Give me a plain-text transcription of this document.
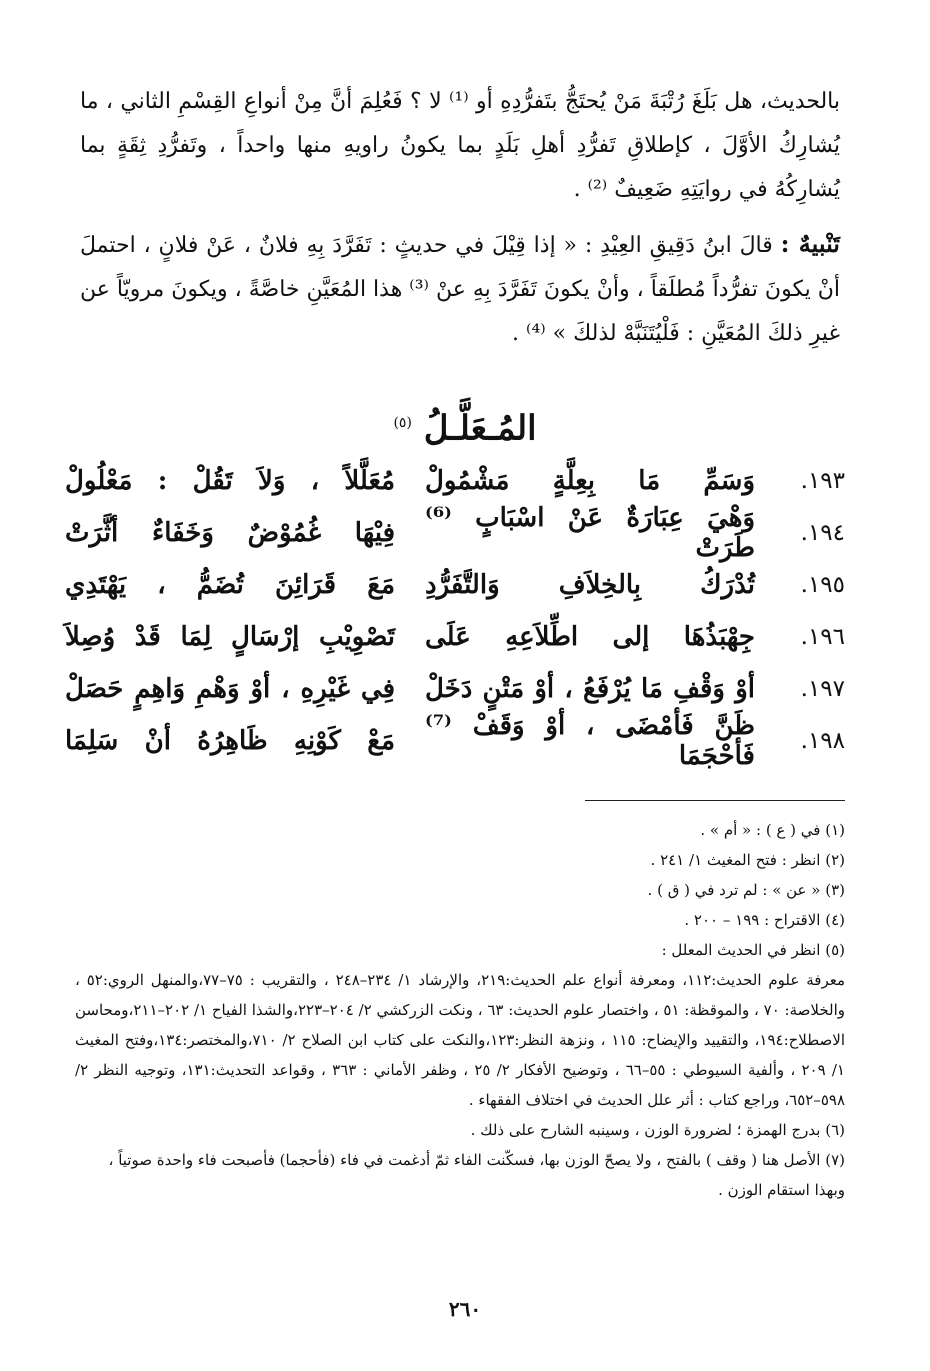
بالحديث، هل بَلَغَ رُتْبَةَ مَنْ يُحتَجُّ بتَفرُّدِهِ أو ⁽¹⁾ لا ؟ فَعُلِمَ أنَّ مِنْ أنواعِ القِسْمِ الثاني ، ما يُشارِكُ الأوَّلَ ، كإطلاقِ تَفرُّدِ أهلِ بَلَدٍ بما يكونُ راويهِ منها واحداً ، وتَفرُّدِ ثِقَةٍ بما يُشارِكُهُ في روايَتِهِ ضَعِيفٌ ⁽²⁾ .

تَنْبيهٌ : قالَ ابنُ دَقِيقِ العِيْدِ : « إذا قِيْلَ في حديثٍ : تَفَرَّدَ بِهِ فلانٌ ، عَنْ فلانٍ ، احتملَ أنْ يكونَ تفرُّداً مُطلَقاً ، وأنْ يكونَ تَفَرَّدَ بِهِ عنْ ⁽³⁾ هذا المُعَيَّنِ خاصَّةً ، ويكونَ مرويّاً عن غيرِ ذلكَ المُعَيَّنِ : فَلْيُتَنَبَّهْ لذلكَ » ⁽⁴⁾ .

المُـعَلَّـلُ $^{(٥)}$
١٩٣.
وَسَمِّ مَا بِعِلَّةٍ مَشْمُولْ
مُعَلَّلاً ، وَلاَ تَقُلْ : مَعْلُولْ
١٩٤.
وَهْيَ عِبَارَةٌ عَنْ اسْبَابٍ ⁽⁶⁾ طَرَتْ
فِيْهَا غُمُوْضٌ وَخَفَاءٌ أثَّرَتْ
١٩٥.
تُدْرَكُ بِالخِلاَفِ وَالتَّفَرُّدِ
مَعَ قَرَائِنَ تُضَمُّ ، يَهْتَدِي
١٩٦.
جِهْبَذُهَا إلى اطِّلاَعِهِ عَلَى
تَصْوِيْبِ إرْسَالٍ لِمَا قَدْ وُصِلاَ
١٩٧.
أوْ وَقْفِ مَا يُرْفَعُ ، أوْ مَتْنٍ دَخَلْ
فِي غَيْرِهِ ، أوْ وَهْمِ وَاهِمٍ حَصَلْ
١٩٨.
ظَنَّ فَأمْضَى ، أوْ وَقَفْ ⁽⁷⁾ فَأحْجَمَا
مَعْ كَوْنِهِ ظَاهِرُهُ أنْ سَلِمَا

(١) في ( ع ) : « أم » .

(٢) انظر : فتح المغيث ١/ ٢٤١ .

(٣) « عن » : لم ترد في ( ق ) .

(٤) الاقتراح : ١٩٩ – ٢٠٠ .

(٥) انظر في الحديث المعلل :

معرفة علوم الحديث:١١٢، ومعرفة أنواع علم الحديث:٢١٩، والإرشاد ١/ ٢٣٤–٢٤٨ ، والتقريب : ٧٥–٧٧،والمنهل الروي:٥٢ ، والخلاصة: ٧٠ ، والموقظة: ٥١ ، واختصار علوم الحديث: ٦٣ ، ونكت الزركشي ٢/ ٢٠٤–٢٢٣،والشذا الفياح ١/ ٢٠٢–٢١١،ومحاسن الاصطلاح:١٩٤، والتقييد والإيضاح: ١١٥ ، ونزهة النظر:١٢٣،والنكت على كتاب ابن الصلاح ٢/ ٧١٠،والمختصر:١٣٤،وفتح المغيث ١/ ٢٠٩ ، وألفية السيوطي : ٥٥–٦٦ ، وتوضيح الأفكار ٢/ ٢٥ ، وظفر الأماني : ٣٦٣ ، وقواعد التحديث:١٣١، وتوجيه النظر ٢/ ٥٩٨–٦٥٢، وراجع كتاب : أثر علل الحديث في اختلاف الفقهاء .

(٦) بدرج الهمزة ؛ لضرورة الوزن ، وسينبه الشارح على ذلك .

(٧) الأصل هنا ( وقف ) بالفتح ، ولا يصحّ الوزن بها، فسكّنت الفاء ثمّ أدغمت في فاء (فأحجما) فأصبحت فاء واحدة صوتياً ، وبهذا استقام الوزن .

٢٦٠
